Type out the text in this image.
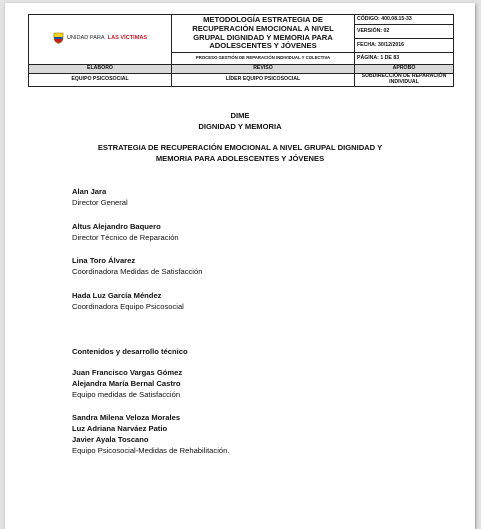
UNIDAD PARA LAS VÍCTIMAS	METODOLOGÍA ESTRATEGIA DE
RECUPERACIÓN EMOCIONAL A NIVEL
GRUPAL DIGNIDAD Y MEMORIA PARA
ADOLESCENTES Y JÓVENES	CÓDIGO: 400.08.15-33
		VERSIÓN: 02
		FECHA: 30/12/2016
	PROCESO GESTIÓN DE REPARACIÓN INDIVIDUAL Y COLECTIVA	PÁGINA: 1 DE 83
ELABORÓ	REVISÓ	APROBÓ
EQUIPO PSICOSOCIAL	LÍDER EQUIPO PSICOSOCIAL	SUBDIRECCIÓN DE REPARACIÓN INDIVIDUAL
DIME
DIGNIDAD Y MEMORIA
ESTRATEGIA DE RECUPERACIÓN EMOCIONAL A NIVEL GRUPAL DIGNIDAD Y
MEMORIA PARA ADOLESCENTES Y JÓVENES
Alan Jara
Director General
Altus Alejandro Baquero
Director Técnico de Reparación
Lina Toro Álvarez
Coordinadora Medidas de Satisfacción
Hada Luz García Méndez
Coordinadora Equipo Psicosocial
Contenidos y desarrollo técnico
Juan Francisco Vargas Gómez
Alejandra María Bernal Castro
Equipo medidas de Satisfacción
Sandra Milena Veloza Morales
Luz Adriana Narváez Patio
Javier Ayala Toscano
Equipo Psicosocial-Medidas de Rehabilitación.
